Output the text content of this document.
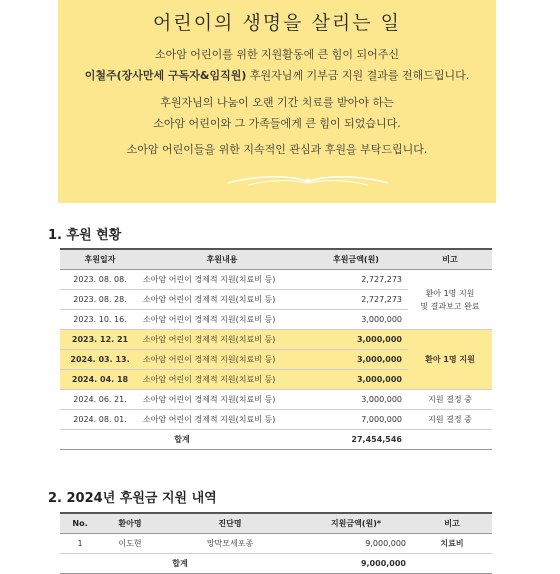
어린이의 생명을 살리는 일
소아암 어린이를 위한 지원활동에 큰 힘이 되어주신
이철주(장사만세 구독자&임직원) 후원자님께 기부금 지원 결과를 전해드립니다.
후원자님의 나눔이 오랜 기간 치료를 받아야 하는
소아암 어린이와 그 가족들에게 큰 힘이 되었습니다.
소아암 어린이들을 위한 지속적인 관심과 후원을 부탁드립니다.
1. 후원 현황
후원일자	후원내용	후원금액(원)	비고
2023. 08. 08.	소아암 어린이 경제적 지원(치료비 등)	2,727,273	환아 1명 지원
및 결과보고 완료
2023. 08. 28.	소아암 어린이 경제적 지원(치료비 등)	2,727,273	
2023. 10. 16.	소아암 어린이 경제적 지원(치료비 등)	3,000,000	
2023. 12. 21	소아암 어린이 경제적 지원(치료비 등)	3,000,000	환아 1명 지원
2024. 03. 13.	소아암 어린이 경제적 지원(치료비 등)	3,000,000	
2024. 04. 18	소아암 어린이 경제적 지원(치료비 등)	3,000,000	
2024. 06. 21.	소아암 어린이 경제적 지원(치료비 등)	3,000,000	지원 결정 중
2024. 08. 01.	소아암 어린이 경제적 지원(치료비 등)	7,000,000	지원 결정 중
합계		27,454,546	
2. 2024년 후원금 지원 내역
No.	환아명	진단명	지원금액(원)*	비고
1	이도현	망막모세포종	9,000,000	치료비
합계			9,000,000	
